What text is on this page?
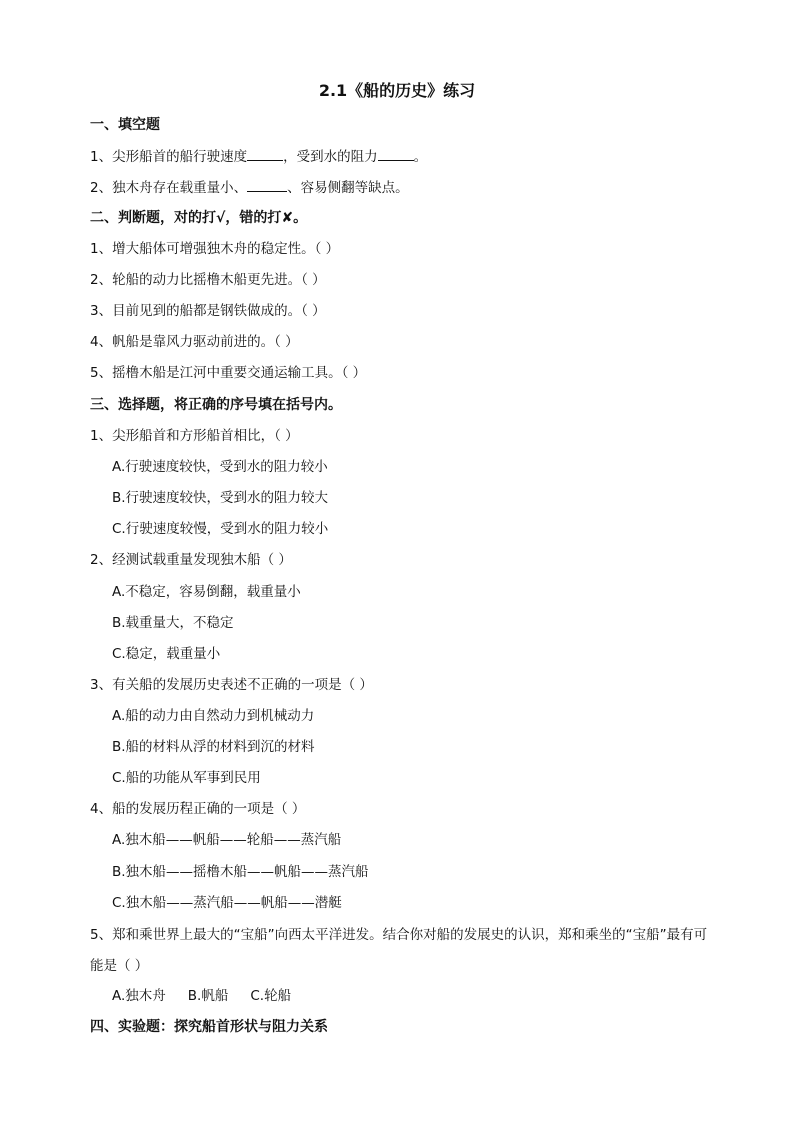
2.1《船的历史》练习
一、填空题
1、尖形船首的船行驶速度	，受到水的阻力	。
2、独木舟存在载重量小、	、容易侧翻等缺点。
二、判断题，对的打√，错的打✘。
1、增大船体可增强独木舟的稳定性。（ ）
2、轮船的动力比摇橹木船更先进。（ ）
3、目前见到的船都是钢铁做成的。（ ）
4、帆船是靠风力驱动前进的。（ ）
5、摇橹木船是江河中重要交通运输工具。（ ）
三、选择题，将正确的序号填在括号内。
1、尖形船首和方形船首相比，（ ）
A.行驶速度较快，受到水的阻力较小
B.行驶速度较快，受到水的阻力较大
C.行驶速度较慢，受到水的阻力较小
2、经测试载重量发现独木船（ ）
A.不稳定，容易倒翻，载重量小
B.载重量大，不稳定
C.稳定，载重量小
3、有关船的发展历史表述不正确的一项是（ ）
A.船的动力由自然动力到机械动力
B.船的材料从浮的材料到沉的材料
C.船的功能从军事到民用
4、船的发展历程正确的一项是（ ）
A.独木船——帆船——轮船——蒸汽船
B.独木船——摇橹木船——帆船——蒸汽船
C.独木船——蒸汽船——帆船——潜艇
5、郑和乘世界上最大的“宝船”向西太平洋进发。结合你对船的发展史的认识，郑和乘坐的“宝船”最有可能是（ ）
A.独木舟 B.帆船 C.轮船
四、实验题：探究船首形状与阻力关系
